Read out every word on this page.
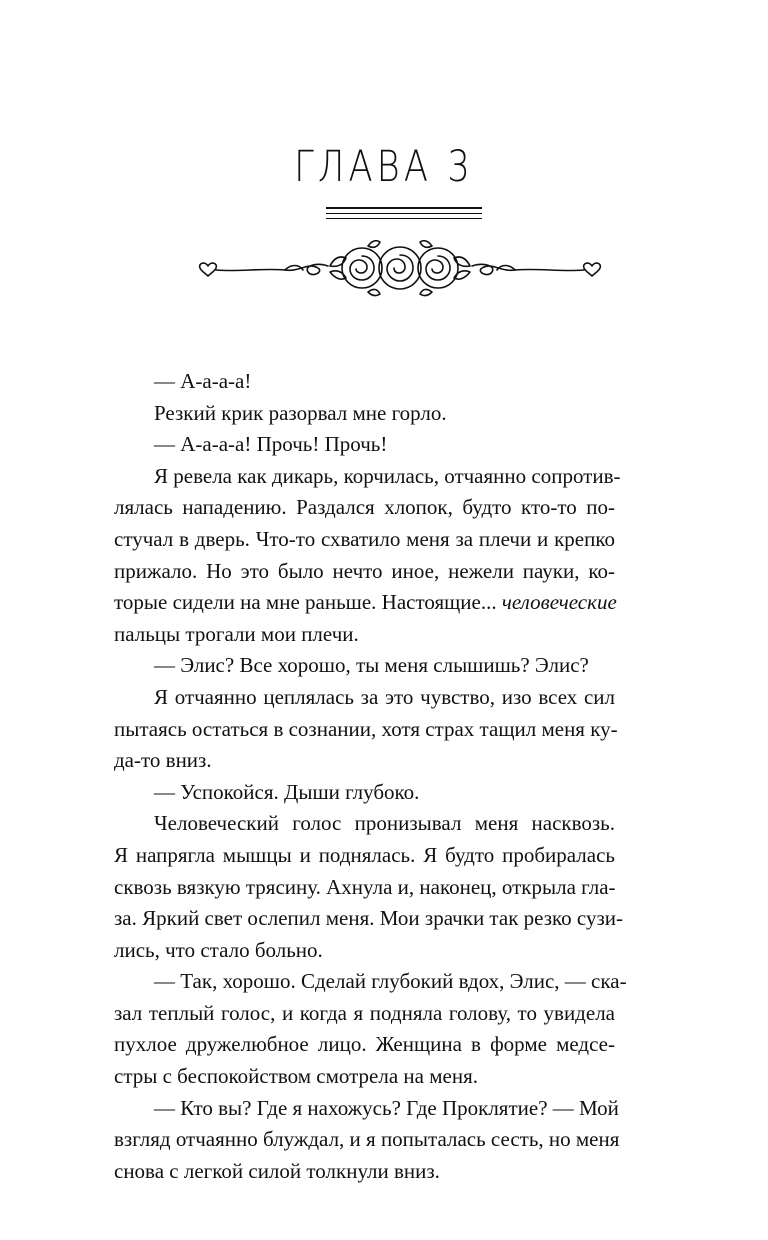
ГЛАВА 3
— А-а-а-а!
Резкий крик разорвал мне горло.
— А-а-а-а! Прочь! Прочь!
Я ревела как дикарь, корчилась, отчаянно сопротив-
лялась нападению. Раздался хлопок, будто кто-то по-
стучал в дверь. Что-то схватило меня за плечи и крепко
прижало. Но это было нечто иное, нежели пауки, ко-
торые сидели на мне раньше. Настоящие... человеческие
пальцы трогали мои плечи.
— Элис? Все хорошо, ты меня слышишь? Элис?
Я отчаянно цеплялась за это чувство, изо всех сил
пытаясь остаться в сознании, хотя страх тащил меня ку-
да-то вниз.
— Успокойся. Дыши глубоко.
Человеческий голос пронизывал меня насквозь.
Я напрягла мышцы и поднялась. Я будто пробиралась
сквозь вязкую трясину. Ахнула и, наконец, открыла гла-
за. Яркий свет ослепил меня. Мои зрачки так резко сузи-
лись, что стало больно.
— Так, хорошо. Сделай глубокий вдох, Элис, — ска-
зал теплый голос, и когда я подняла голову, то увидела
пухлое дружелюбное лицо. Женщина в форме медсе-
стры с беспокойством смотрела на меня.
— Кто вы? Где я нахожусь? Где Проклятие? — Мой
взгляд отчаянно блуждал, и я попыталась сесть, но меня
снова с легкой силой толкнули вниз.
